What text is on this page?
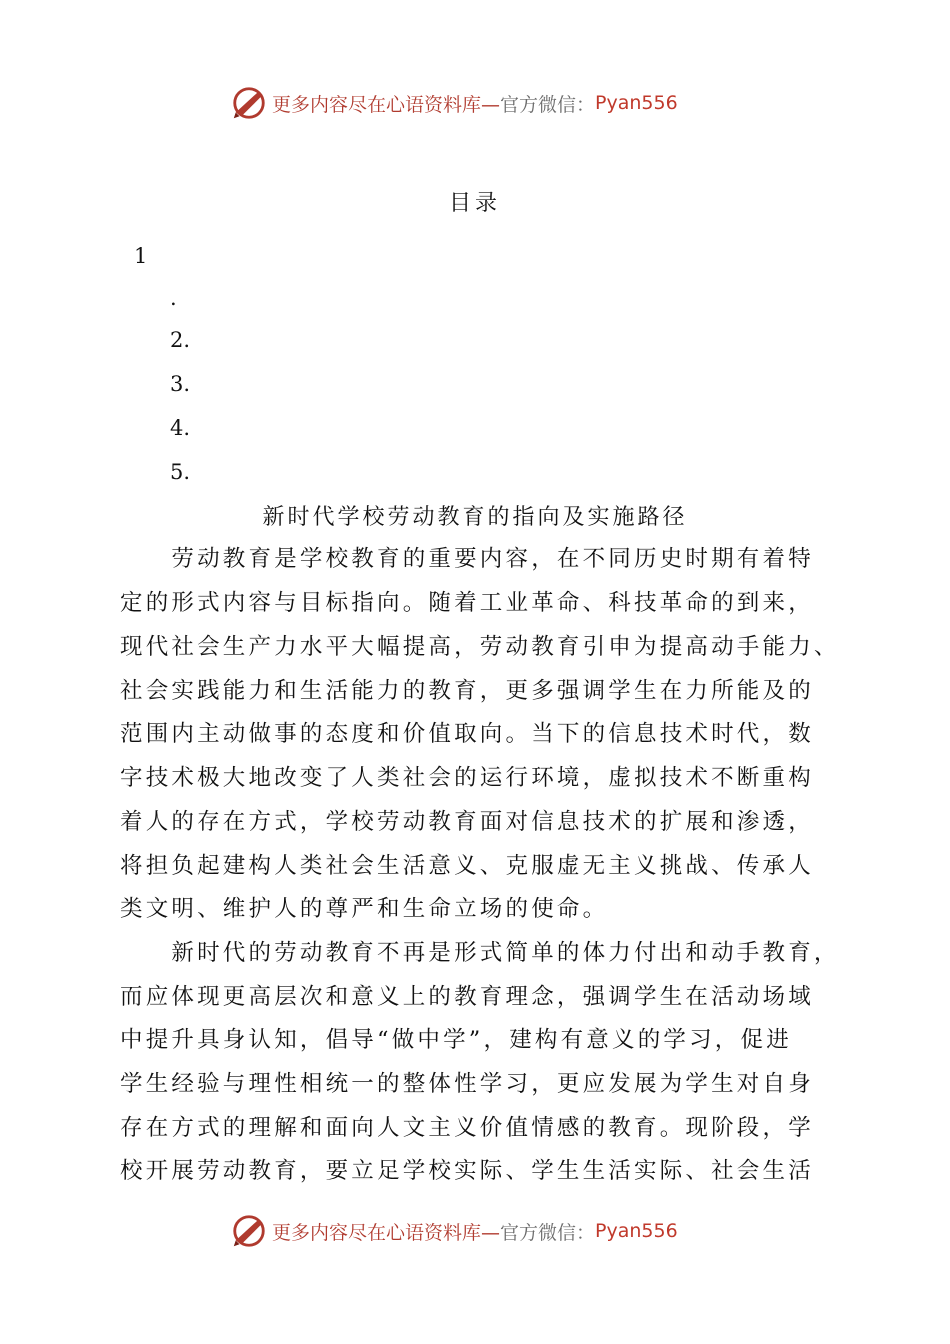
更多内容尽在心语资料库— 官方微信： Pyan556
目录
1
.
2.
3.
4.
5.
新时代学校劳动教育的指向及实施路径
　　劳动教育是学校教育的重要内容，在不同历史时期有着特
定的形式内容与目标指向。随着工业革命、科技革命的到来，
现代社会生产力水平大幅提高，劳动教育引申为提高动手能力、
社会实践能力和生活能力的教育，更多强调学生在力所能及的
范围内主动做事的态度和价值取向。当下的信息技术时代，数
字技术极大地改变了人类社会的运行环境，虚拟技术不断重构
着人的存在方式，学校劳动教育面对信息技术的扩展和渗透，
将担负起建构人类社会生活意义、克服虚无主义挑战、传承人
类文明、维护人的尊严和生命立场的使命。
　　新时代的劳动教育不再是形式简单的体力付出和动手教育，
而应体现更高层次和意义上的教育理念，强调学生在活动场域
中提升具身认知，倡导“做中学”，建构有意义的学习，促进
学生经验与理性相统一的整体性学习，更应发展为学生对自身
存在方式的理解和面向人文主义价值情感的教育。现阶段，学
校开展劳动教育，要立足学校实际、学生生活实际、社会生活
更多内容尽在心语资料库— 官方微信： Pyan556
